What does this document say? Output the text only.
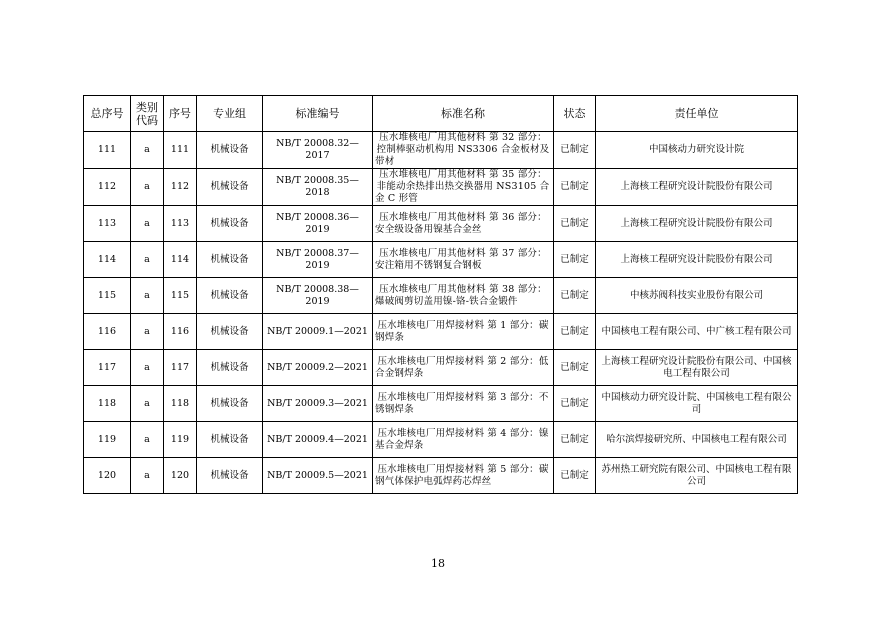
总序号	类别代码	序号	专业组	标准编号	标准名称	状态	责任单位
111	a	111	机械设备	NB/T 20008.32—2017	压水堆核电厂用其他材料 第 32 部分：控制棒驱动机构用 NS3306 合金板材及带材	已制定	中国核动力研究设计院
112	a	112	机械设备	NB/T 20008.35—2018	压水堆核电厂用其他材料 第 35 部分：非能动余热排出热交换器用 NS3105 合金 C 形管	已制定	上海核工程研究设计院股份有限公司
113	a	113	机械设备	NB/T 20008.36—2019	压水堆核电厂用其他材料 第 36 部分：安全级设备用镍基合金丝	已制定	上海核工程研究设计院股份有限公司
114	a	114	机械设备	NB/T 20008.37—2019	压水堆核电厂用其他材料 第 37 部分：安注箱用不锈钢复合钢板	已制定	上海核工程研究设计院股份有限公司
115	a	115	机械设备	NB/T 20008.38—2019	压水堆核电厂用其他材料 第 38 部分：爆破阀剪切盖用镍-铬-铁合金锻件	已制定	中核苏阀科技实业股份有限公司
116	a	116	机械设备	NB/T 20009.1—2021	压水堆核电厂用焊接材料 第 1 部分：碳钢焊条	已制定	中国核电工程有限公司、中广核工程有限公司
117	a	117	机械设备	NB/T 20009.2—2021	压水堆核电厂用焊接材料 第 2 部分：低合金钢焊条	已制定	上海核工程研究设计院股份有限公司、中国核电工程有限公司
118	a	118	机械设备	NB/T 20009.3—2021	压水堆核电厂用焊接材料 第 3 部分：不锈钢焊条	已制定	中国核动力研究设计院、中国核电工程有限公司
119	a	119	机械设备	NB/T 20009.4—2021	压水堆核电厂用焊接材料 第 4 部分：镍基合金焊条	已制定	哈尔滨焊接研究所、中国核电工程有限公司
120	a	120	机械设备	NB/T 20009.5—2021	压水堆核电厂用焊接材料 第 5 部分：碳钢气体保护电弧焊药芯焊丝	已制定	苏州热工研究院有限公司、中国核电工程有限公司
18
